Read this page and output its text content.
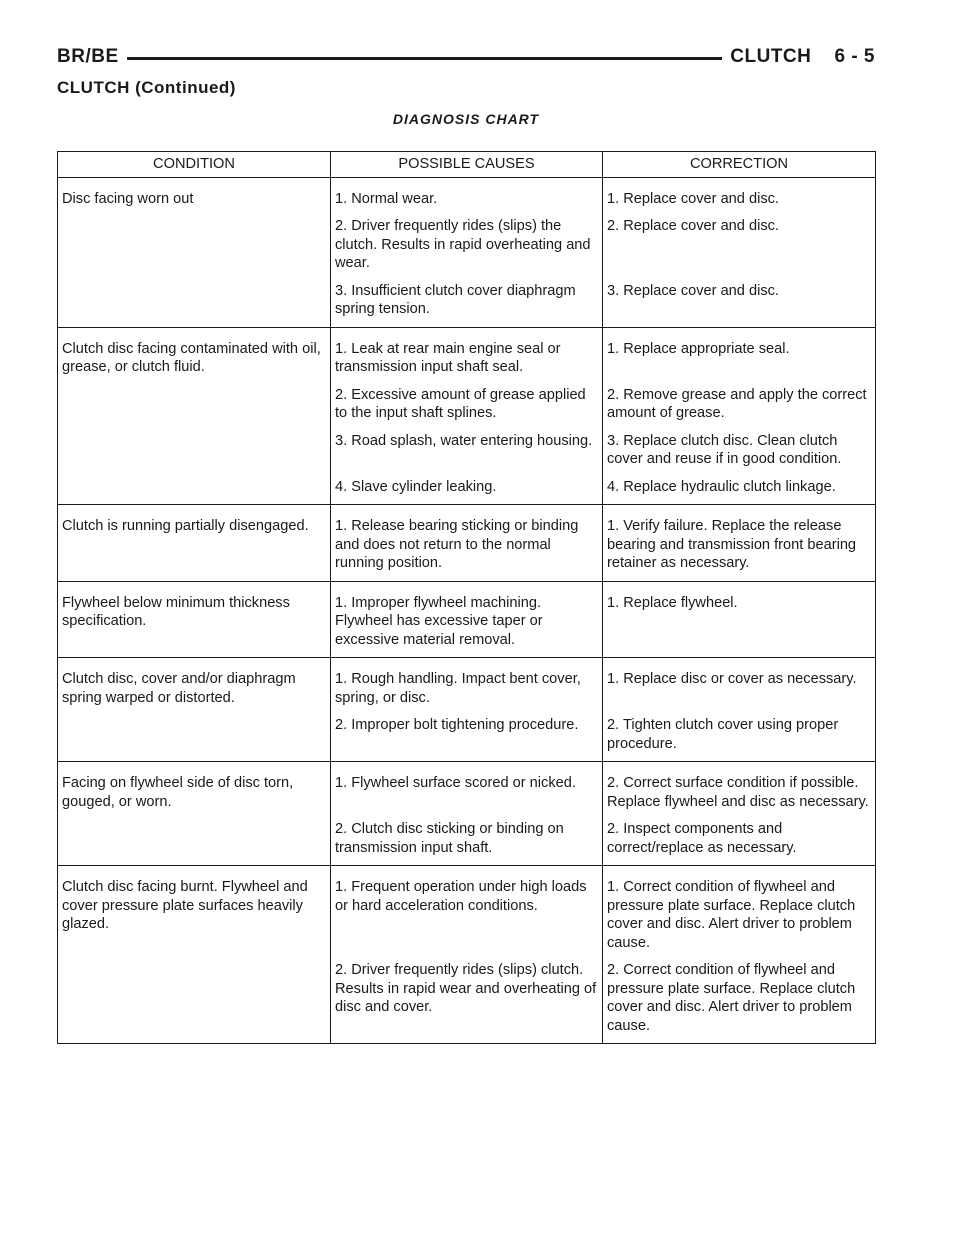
BR/BE	CLUTCH    6 - 5
CLUTCH (Continued)
DIAGNOSIS CHART
CONDITION	POSSIBLE CAUSES	CORRECTION
Disc facing worn out	1. Normal wear.	1. Replace cover and disc.
	2. Driver frequently rides (slips) the clutch. Results in rapid overheating and wear.	2. Replace cover and disc.
	3. Insufficient clutch cover diaphragm spring tension.	3. Replace cover and disc.
Clutch disc facing contaminated with oil, grease, or clutch fluid.	1. Leak at rear main engine seal or transmission input shaft seal.	1. Replace appropriate seal.
	2. Excessive amount of grease applied to the input shaft splines.	2. Remove grease and apply the correct amount of grease.
	3. Road splash, water entering housing.	3. Replace clutch disc. Clean clutch cover and reuse if in good condition.
	4. Slave cylinder leaking.	4. Replace hydraulic clutch linkage.
Clutch is running partially disengaged.	1. Release bearing sticking or binding and does not return to the normal running position.	1. Verify failure. Replace the release bearing and transmission front bearing retainer as necessary.
Flywheel below minimum thickness specification.	1. Improper flywheel machining. Flywheel has excessive taper or excessive material removal.	1. Replace flywheel.
Clutch disc, cover and/or diaphragm spring warped or distorted.	1. Rough handling. Impact bent cover, spring, or disc.	1. Replace disc or cover as necessary.
	2. Improper bolt tightening procedure.	2. Tighten clutch cover using proper procedure.
Facing on flywheel side of disc torn, gouged, or worn.	1. Flywheel surface scored or nicked.	2. Correct surface condition if possible. Replace flywheel and disc as necessary.
	2. Clutch disc sticking or binding on transmission input shaft.	2. Inspect components and correct/replace as necessary.
Clutch disc facing burnt. Flywheel and cover pressure plate surfaces heavily glazed.	1. Frequent operation under high loads or hard acceleration conditions.	1. Correct condition of flywheel and pressure plate surface. Replace clutch cover and disc. Alert driver to problem cause.
	2. Driver frequently rides (slips) clutch. Results in rapid wear and overheating of disc and cover.	2. Correct condition of flywheel and pressure plate surface. Replace clutch cover and disc. Alert driver to problem cause.
